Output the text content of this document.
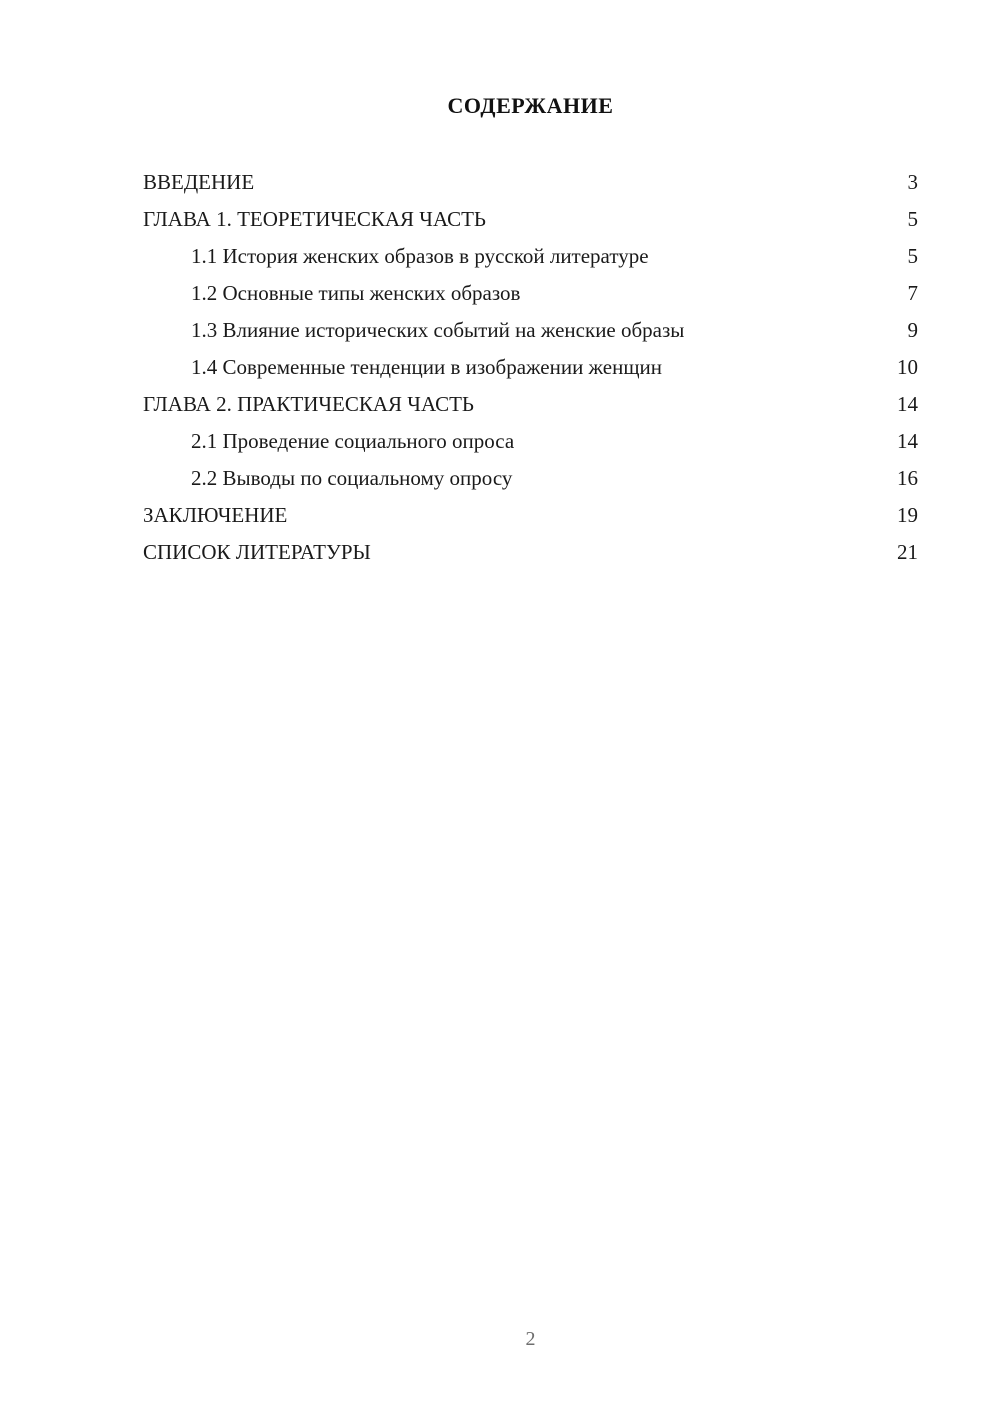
СОДЕРЖАНИЕ
ВВЕДЕНИЕ	3
ГЛАВА 1. ТЕОРЕТИЧЕСКАЯ ЧАСТЬ	5
1.1 История женских образов в русской литературе	5
1.2 Основные типы женских образов	7
1.3 Влияние исторических событий на женские образы	9
1.4 Современные тенденции в изображении женщин	10
ГЛАВА 2. ПРАКТИЧЕСКАЯ ЧАСТЬ	14
2.1 Проведение социального опроса	14
2.2 Выводы по социальному опросу	16
ЗАКЛЮЧЕНИЕ	19
СПИСОК ЛИТЕРАТУРЫ	21
2
